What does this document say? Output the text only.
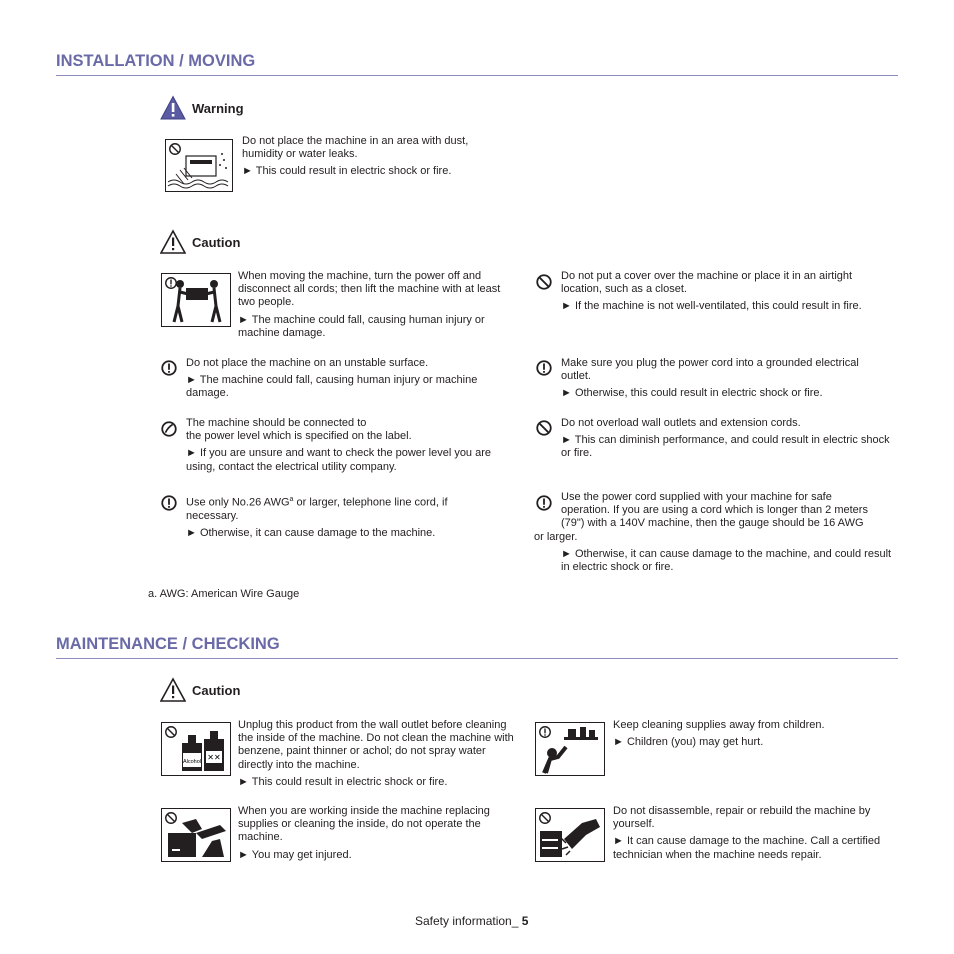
INSTALLATION / MOVING
Warning

Do not place the machine in an area with dust, humidity or water leaks.

► This could result in electric shock or fire.

Caution

When moving the machine, turn the power off and disconnect all cords; then lift the machine with at least two people.

► The machine could fall, causing human injury or machine damage.

Do not place the machine on an unstable surface.

► The machine could fall, causing human injury or machine damage.

The machine should be connected to

the power level which is specified on the label.

► If you are unsure and want to check the power level you are using, contact the electrical utility company.

Use only No.26 AWG$^a$ or larger, telephone line cord, if necessary.

► Otherwise, it can cause damage to the machine.

Do not put a cover over the machine or place it in an airtight location, such as a closet.

► If the machine is not well-ventilated, this could result in fire.

Make sure you plug the power cord into a grounded electrical outlet.

► Otherwise, this could result in electric shock or fire.

Do not overload wall outlets and extension cords.

► This can diminish performance, and could result in electric shock or fire.

Use the power cord supplied with your machine for safe

operation. If you are using a cord which is longer than 2 meters

(79") with a 140V machine, then the gauge should be 16 AWG

or larger.

► Otherwise, it can cause damage to the machine, and could result in electric shock or fire.

a. AWG: American Wire Gauge
MAINTENANCE / CHECKING
Caution
Alcohol ✕✕

Unplug this product from the wall outlet before cleaning the inside of the machine. Do not clean the machine with benzene, paint thinner or achol; do not spray water directly into the machine.

► This could result in electric shock or fire.

When you are working inside the machine replacing supplies or cleaning the inside, do not operate the machine.

► You may get injured.

Keep cleaning supplies away from children.

► Children (you) may get hurt.

Do not disassemble, repair or rebuild the machine by yourself.

► It can cause damage to the machine. Call a certified technician when the machine needs repair.

Safety information_ 5
